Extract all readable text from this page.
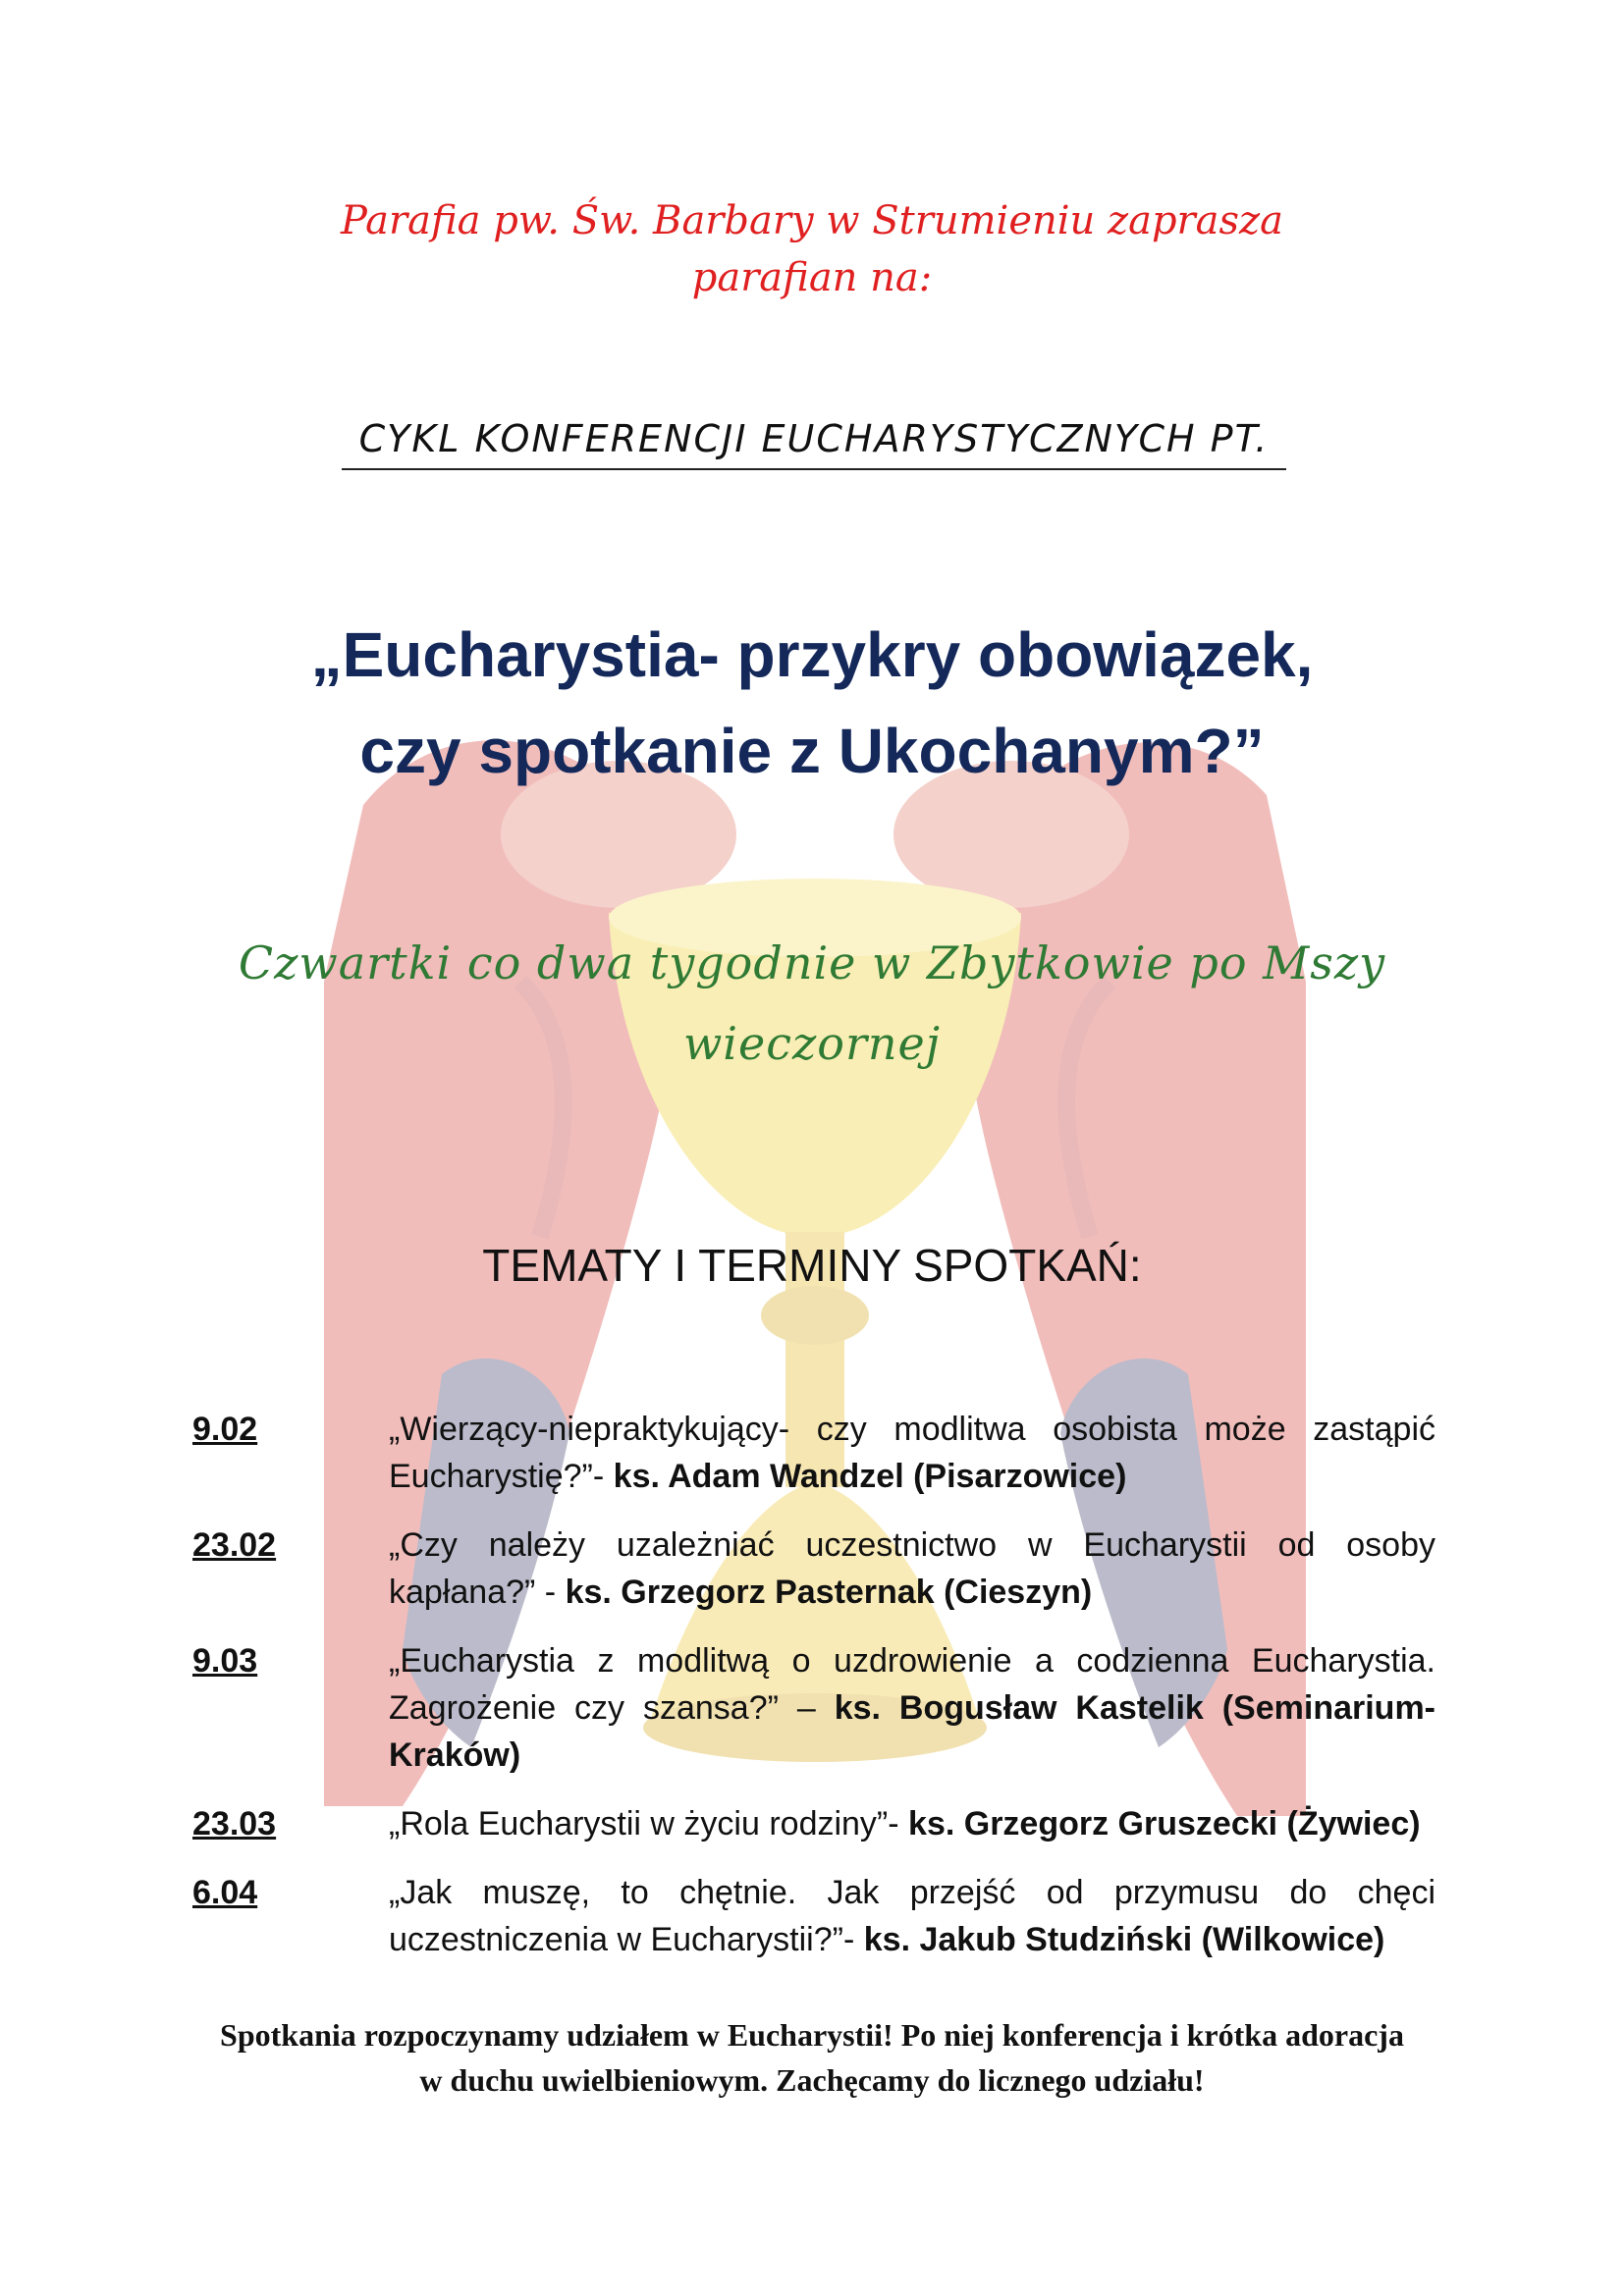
Parafia pw. Św. Barbary w Strumieniu zaprasza
parafian na:
CYKL KONFERENCJI EUCHARYSTYCZNYCH PT.
„Eucharystia- przykry obowiązek,
czy spotkanie z Ukochanym?”
Czwartki co dwa tygodnie w Zbytkowie po Mszy
wieczornej
TEMATY I TERMINY SPOTKAŃ:
9.02	„Wierzący-niepraktykujący- czy modlitwa osobista może zastąpić Eucharystię?”- ks. Adam Wandzel (Pisarzowice)
23.02	„Czy należy uzależniać uczestnictwo w Eucharystii od osoby kapłana?” - ks. Grzegorz Pasternak (Cieszyn)
9.03	„Eucharystia z modlitwą o uzdrowienie a codzienna Eucharystia. Zagrożenie czy szansa?” – ks. Bogusław Kastelik (Seminarium- Kraków)
23.03	„Rola Eucharystii w życiu rodziny”- ks. Grzegorz Gruszecki (Żywiec)
6.04	„Jak muszę, to chętnie. Jak przejść od przymusu do chęci uczestniczenia w Eucharystii?”- ks. Jakub Studziński (Wilkowice)
Spotkania rozpoczynamy udziałem w Eucharystii! Po niej konferencja i krótka adoracja
w duchu uwielbieniowym. Zachęcamy do licznego udziału!
